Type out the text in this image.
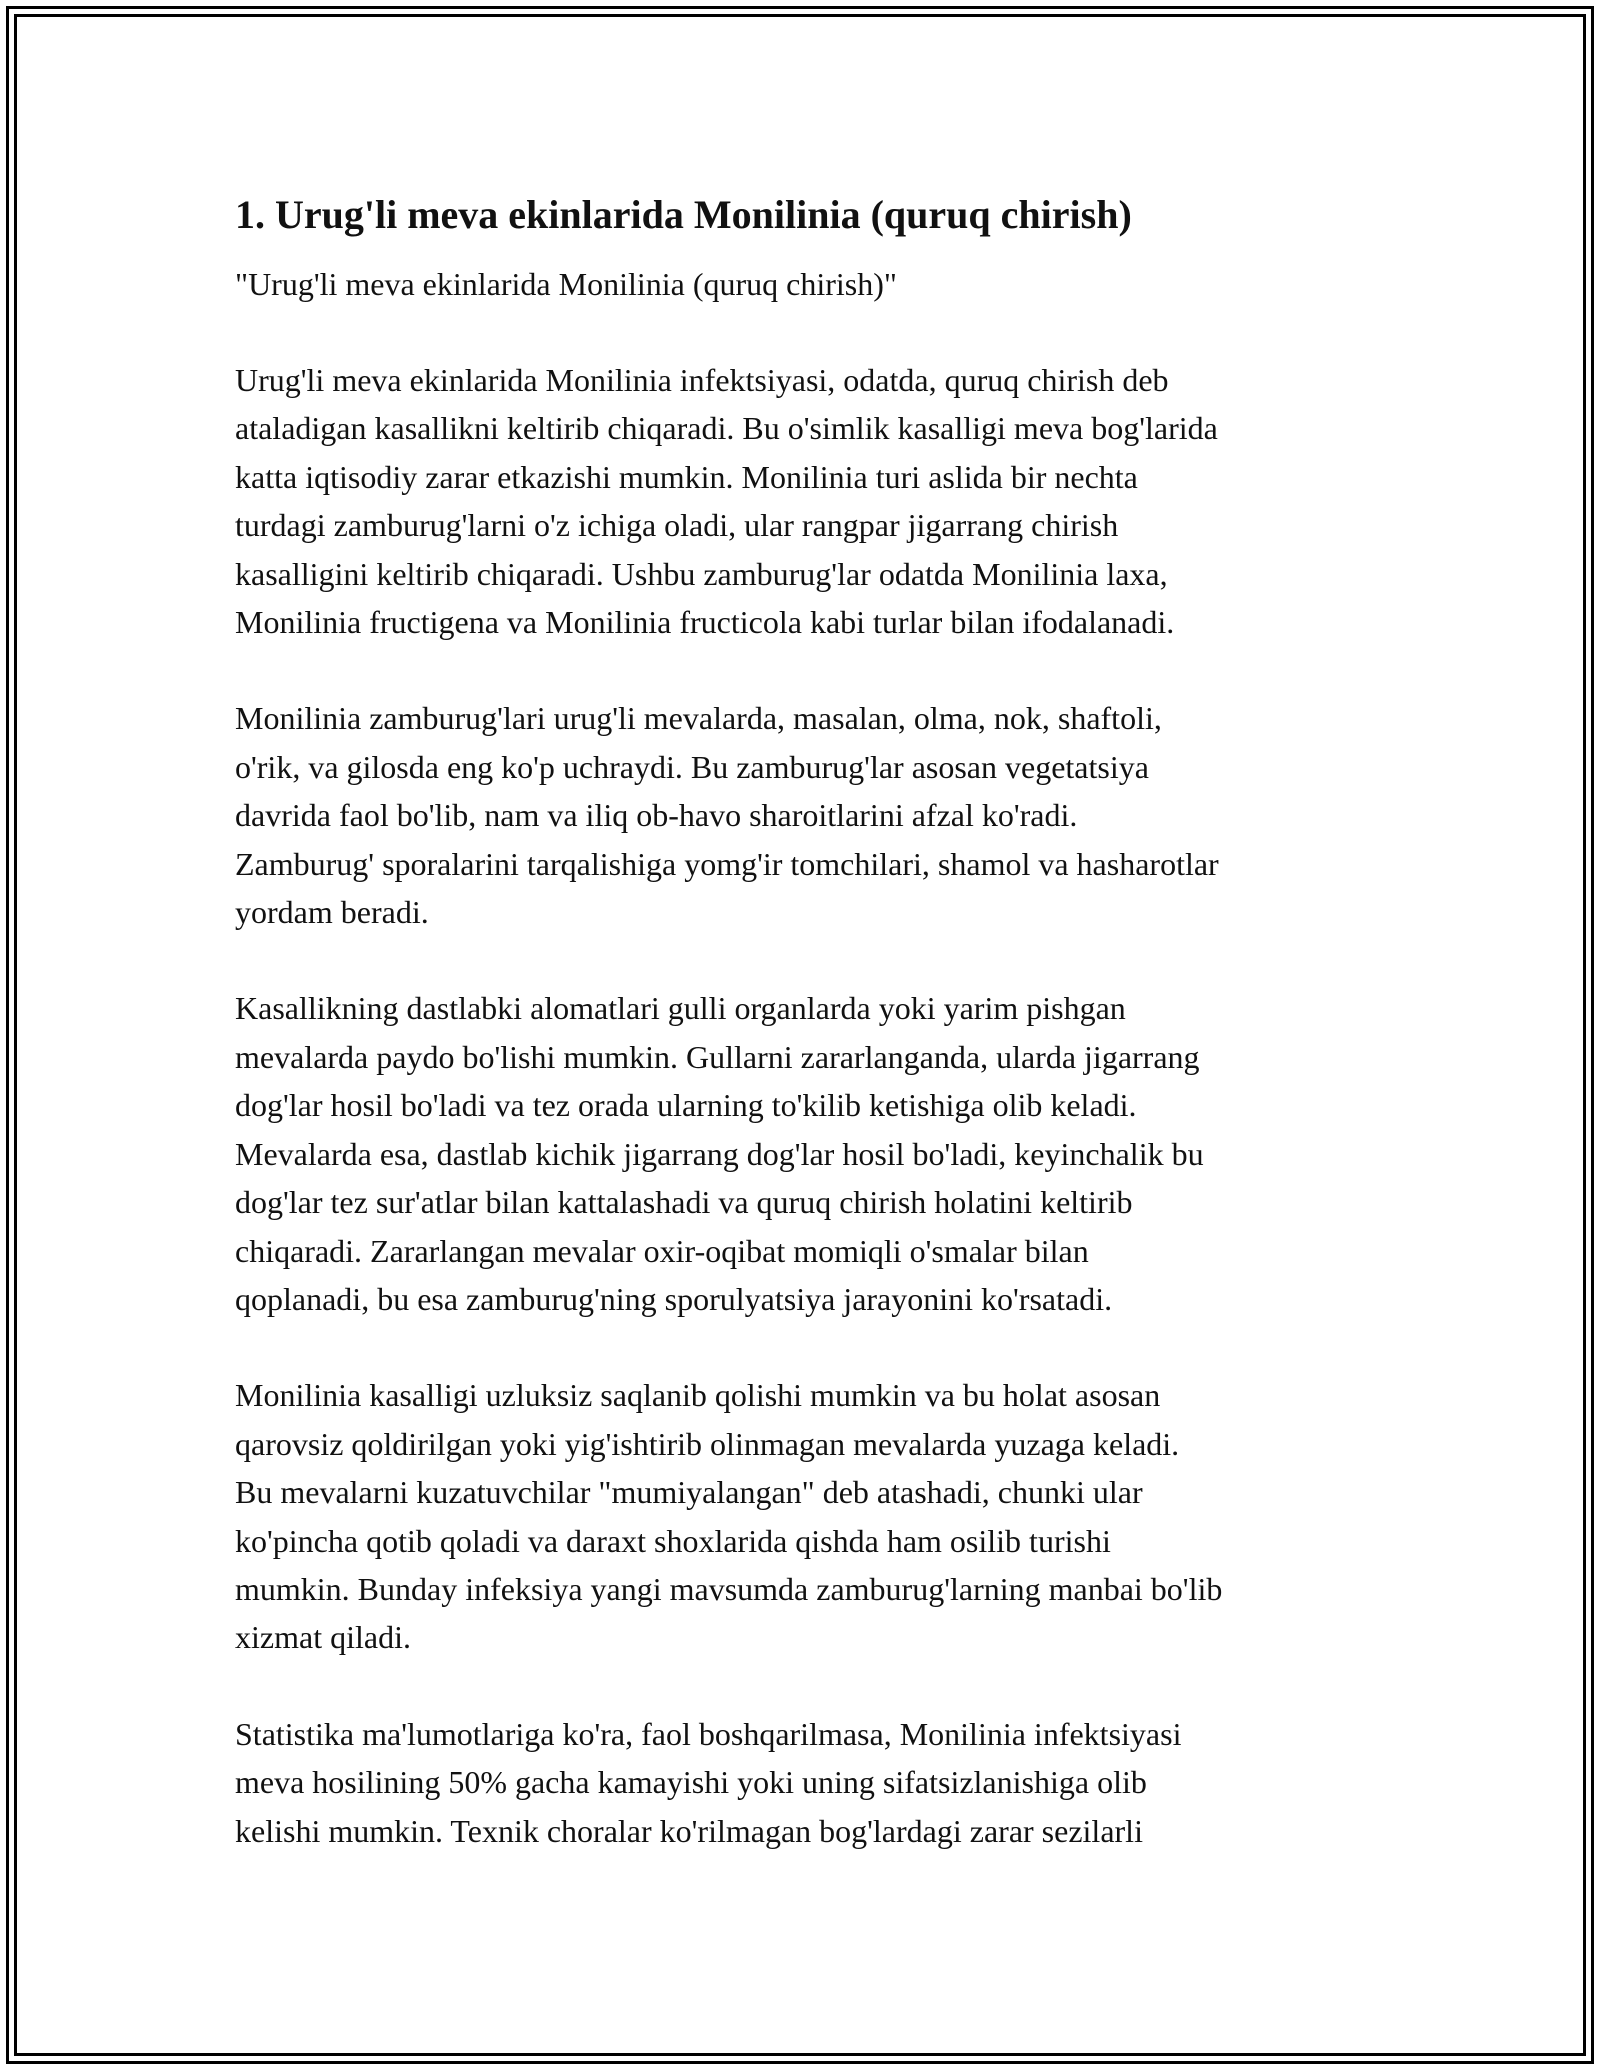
1. Urug'li meva ekinlarida Monilinia (quruq chirish)
"Urug'li meva ekinlarida Monilinia (quruq chirish)"
Urug'li meva ekinlarida Monilinia infektsiyasi, odatda, quruq chirish deb
ataladigan kasallikni keltirib chiqaradi. Bu o'simlik kasalligi meva bog'larida
katta iqtisodiy zarar etkazishi mumkin. Monilinia turi aslida bir nechta
turdagi zamburug'larni o'z ichiga oladi, ular rangpar jigarrang chirish
kasalligini keltirib chiqaradi. Ushbu zamburug'lar odatda Monilinia laxa,
Monilinia fructigena va Monilinia fructicola kabi turlar bilan ifodalanadi.
Monilinia zamburug'lari urug'li mevalarda, masalan, olma, nok, shaftoli,
o'rik, va gilosda eng ko'p uchraydi. Bu zamburug'lar asosan vegetatsiya
davrida faol bo'lib, nam va iliq ob-havo sharoitlarini afzal ko'radi.
Zamburug' sporalarini tarqalishiga yomg'ir tomchilari, shamol va hasharotlar
yordam beradi.
Kasallikning dastlabki alomatlari gulli organlarda yoki yarim pishgan
mevalarda paydo bo'lishi mumkin. Gullarni zararlanganda, ularda jigarrang
dog'lar hosil bo'ladi va tez orada ularning to'kilib ketishiga olib keladi.
Mevalarda esa, dastlab kichik jigarrang dog'lar hosil bo'ladi, keyinchalik bu
dog'lar tez sur'atlar bilan kattalashadi va quruq chirish holatini keltirib
chiqaradi. Zararlangan mevalar oxir-oqibat momiqli o'smalar bilan
qoplanadi, bu esa zamburug'ning sporulyatsiya jarayonini ko'rsatadi.
Monilinia kasalligi uzluksiz saqlanib qolishi mumkin va bu holat asosan
qarovsiz qoldirilgan yoki yig'ishtirib olinmagan mevalarda yuzaga keladi.
Bu mevalarni kuzatuvchilar "mumiyalangan" deb atashadi, chunki ular
ko'pincha qotib qoladi va daraxt shoxlarida qishda ham osilib turishi
mumkin. Bunday infeksiya yangi mavsumda zamburug'larning manbai bo'lib
xizmat qiladi.
Statistika ma'lumotlariga ko'ra, faol boshqarilmasa, Monilinia infektsiyasi
meva hosilining 50% gacha kamayishi yoki uning sifatsizlanishiga olib
kelishi mumkin. Texnik choralar ko'rilmagan bog'lardagi zarar sezilarli
